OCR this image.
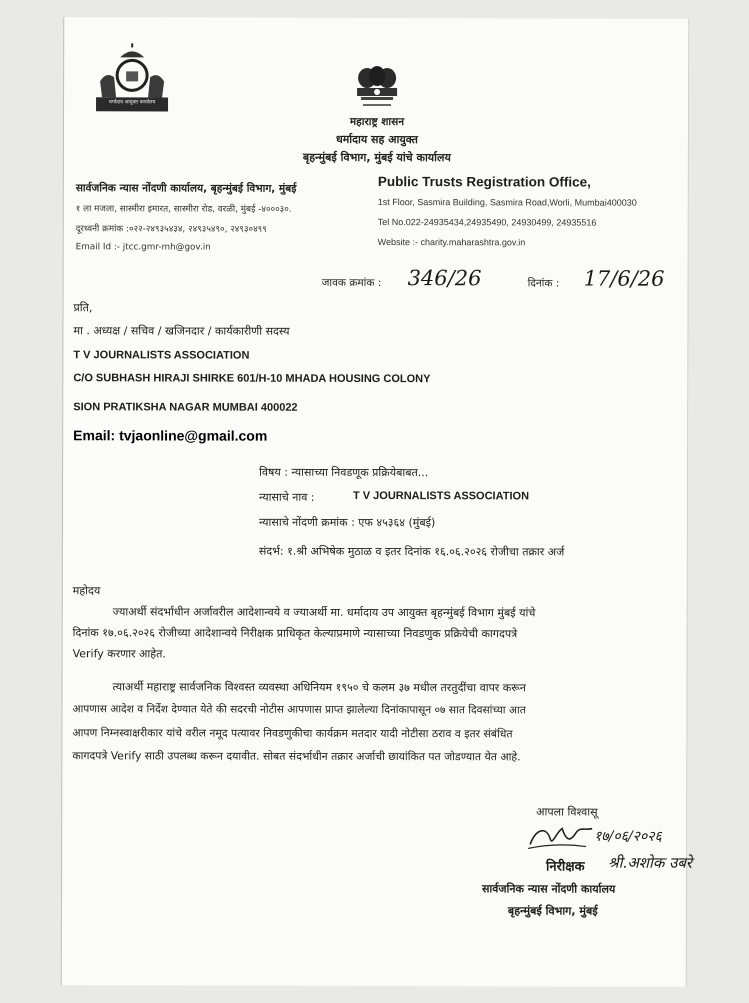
धर्मादाय आयुक्त कार्यालय
महाराष्ट्र शासन
धर्मादाय सह आयुक्त
बृहन्मुंबई विभाग, मुंबई यांचे कार्यालय
सार्वजनिक न्यास नोंदणी कार्यालय, बृहन्मुंबई विभाग, मुंबई
१ ला मजला, सास्मीरा इमारत, सास्मीरा रोड, वरळी, मुंबई -४०००३०.
दूरध्वनी क्रमांक :०२२-२४९३५४३४, २४९३५४९०, २४९३०४९९
Email Id :- jtcc.gmr-mh@gov.in
Public Trusts Registration Office,
1st Floor, Sasmira Building, Sasmira Road,Worli, Mumbai400030
Tel No.022-24935434,24935490, 24930499, 24935516
Website :- charity.maharashtra.gov.in
जावक क्रमांक : 346/26	दिनांक : 17/6/26
प्रति,
मा . अध्यक्ष / सचिव / खजिनदार / कार्यकारीणी सदस्य
T V JOURNALISTS ASSOCIATION
C/O SUBHASH HIRAJI SHIRKE 601/H-10 MHADA HOUSING COLONY
SION PRATIKSHA NAGAR MUMBAI 400022
Email: tvjaonline@gmail.com
विषय : न्यासाच्या निवडणूक प्रक्रियेबाबत...
न्यासाचे नाव :	T V JOURNALISTS ASSOCIATION
न्यासाचे नोंदणी क्रमांक : एफ ४५३६४ (मुंबई)
संदर्भ: १.श्री अभिषेक मुठाळ व इतर दिनांक १६.०६.२०२६ रोजीचा तक्रार अर्ज
महोदय
ज्याअर्थी संदर्भाधीन अर्जावरील आदेशान्वये व ज्याअर्थी मा. धर्मादाय उप आयुक्त बृहन्मुंबई विभाग मुंबई यांचे
दिनांक १७.०६.२०२६ रोजीच्या आदेशान्वये निरीक्षक प्राधिकृत केल्याप्रमाणे न्यासाच्या निवडणुक प्रक्रियेची कागदपत्रे
Verify करणार आहेत.
त्याअर्थी महाराष्ट्र सार्वजनिक विश्वस्त व्यवस्था अधिनियम १९५० चे कलम ३७ मधील तरतुदींचा वापर करून
आपणास आदेश व निर्देश देण्यात येते की सदरची नोटीस आपणास प्राप्त झालेल्या दिनांकापासून ०७ सात दिवसांच्या आत
आपण निम्नस्वाक्षरीकार यांचे वरील नमूद पत्यावर निवडणुकीचा कार्यक्रम मतदार यादी नोटीसा ठराव व इतर संबंधित
कागदपत्रे Verify साठी उपलब्ध करून दयावीत. सोबत संदर्भाधीन तक्रार अर्जाची छायांकित पत जोडण्यात येत आहे.
आपला विश्वासू
१७/०६/२०२६
निरीक्षक श्री.अशोक उबरे
सार्वजनिक न्यास नोंदणी कार्यालय
बृहन्मुंबई विभाग, मुंबई
